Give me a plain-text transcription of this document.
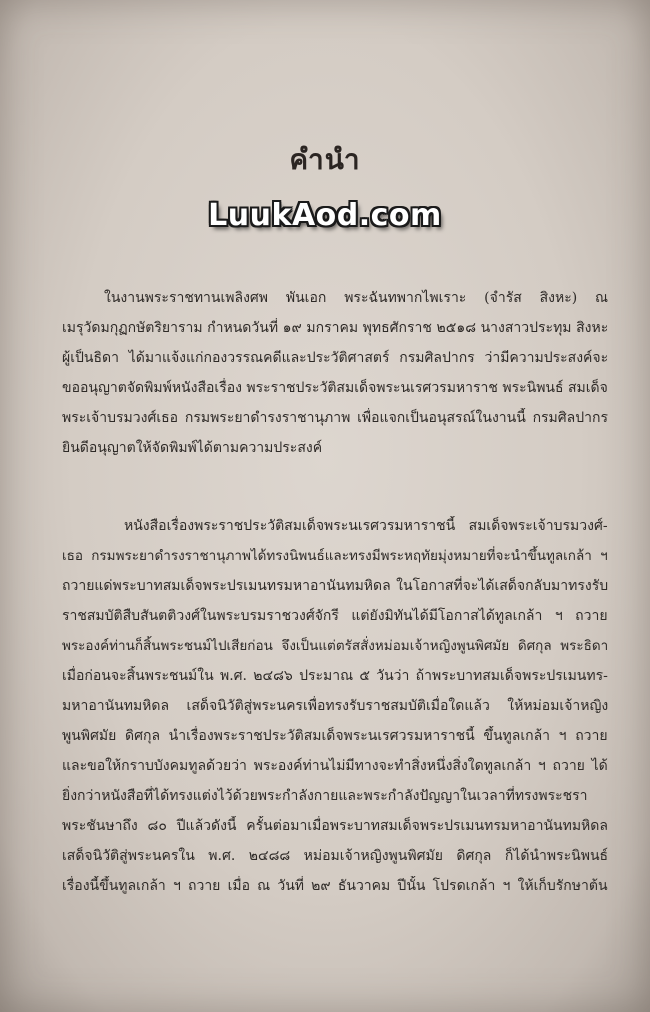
คำนำ
LuukAod.com
ในงานพระราชทานเพลิงศพ พันเอก พระฉันทพากไพเราะ (จำรัส สิงหะ) ณ
เมรุวัดมกุฏกษัตริยาราม กำหนดวันที่ ๑๙ มกราคม พุทธศักราช ๒๕๑๘ นางสาวประทุม สิงหะ
ผู้เป็นธิดา ได้มาแจ้งแก่กองวรรณคดีและประวัติศาสตร์ กรมศิลปากร ว่ามีความประสงค์จะ
ขออนุญาตจัดพิมพ์หนังสือเรื่อง พระราชประวัติสมเด็จพระนเรศวรมหาราช พระนิพนธ์ สมเด็จ
พระเจ้าบรมวงศ์เธอ กรมพระยาดำรงราชานุภาพ เพื่อแจกเป็นอนุสรณ์ในงานนี้ กรมศิลปากร
ยินดีอนุญาตให้จัดพิมพ์ได้ตามความประสงค์
หนังสือเรื่องพระราชประวัติสมเด็จพระนเรศวรมหาราชนี้ สมเด็จพระเจ้าบรมวงศ์-
เธอ กรมพระยาดำรงราชานุภาพได้ทรงนิพนธ์และทรงมีพระหฤทัยมุ่งหมายที่จะนำขึ้นทูลเกล้า ฯ
ถวายแด่พระบาทสมเด็จพระปรเมนทรมหาอานันทมหิดล ในโอกาสที่จะได้เสด็จกลับมาทรงรับ
ราชสมบัติสืบสันตติวงศ์ในพระบรมราชวงศ์จักรี แต่ยังมิทันได้มีโอกาสได้ทูลเกล้า ฯ ถวาย
พระองค์ท่านก็สิ้นพระชนม์ไปเสียก่อน จึงเป็นแต่ตรัสสั่งหม่อมเจ้าหญิงพูนพิศมัย ดิศกุล พระธิดา
เมื่อก่อนจะสิ้นพระชนม์ใน พ.ศ. ๒๔๘๖ ประมาณ ๕ วันว่า ถ้าพระบาทสมเด็จพระปรเมนทร-
มหาอานันทมหิดล เสด็จนิวัติสู่พระนครเพื่อทรงรับราชสมบัติเมื่อใดแล้ว ให้หม่อมเจ้าหญิง
พูนพิศมัย ดิศกุล นำเรื่องพระราชประวัติสมเด็จพระนเรศวรมหาราชนี้ ขึ้นทูลเกล้า ฯ ถวาย
และขอให้กราบบังคมทูลด้วยว่า พระองค์ท่านไม่มีทางจะทำสิ่งหนึ่งสิ่งใดทูลเกล้า ฯ ถวาย ได้
ยิ่งกว่าหนังสือที่ได้ทรงแต่งไว้ด้วยพระกำลังกายและพระกำลังปัญญาในเวลาที่ทรงพระชรา
พระชันษาถึง ๘๐ ปีแล้วดังนี้ ครั้นต่อมาเมื่อพระบาทสมเด็จพระปรเมนทรมหาอานันทมหิดล
เสด็จนิวัติสู่พระนครใน พ.ศ. ๒๔๘๘ หม่อมเจ้าหญิงพูนพิศมัย ดิศกุล ก็ได้นำพระนิพนธ์
เรื่องนี้ขึ้นทูลเกล้า ฯ ถวาย เมื่อ ณ วันที่ ๒๙ ธันวาคม ปีนั้น โปรดเกล้า ฯ ให้เก็บรักษาต้น
